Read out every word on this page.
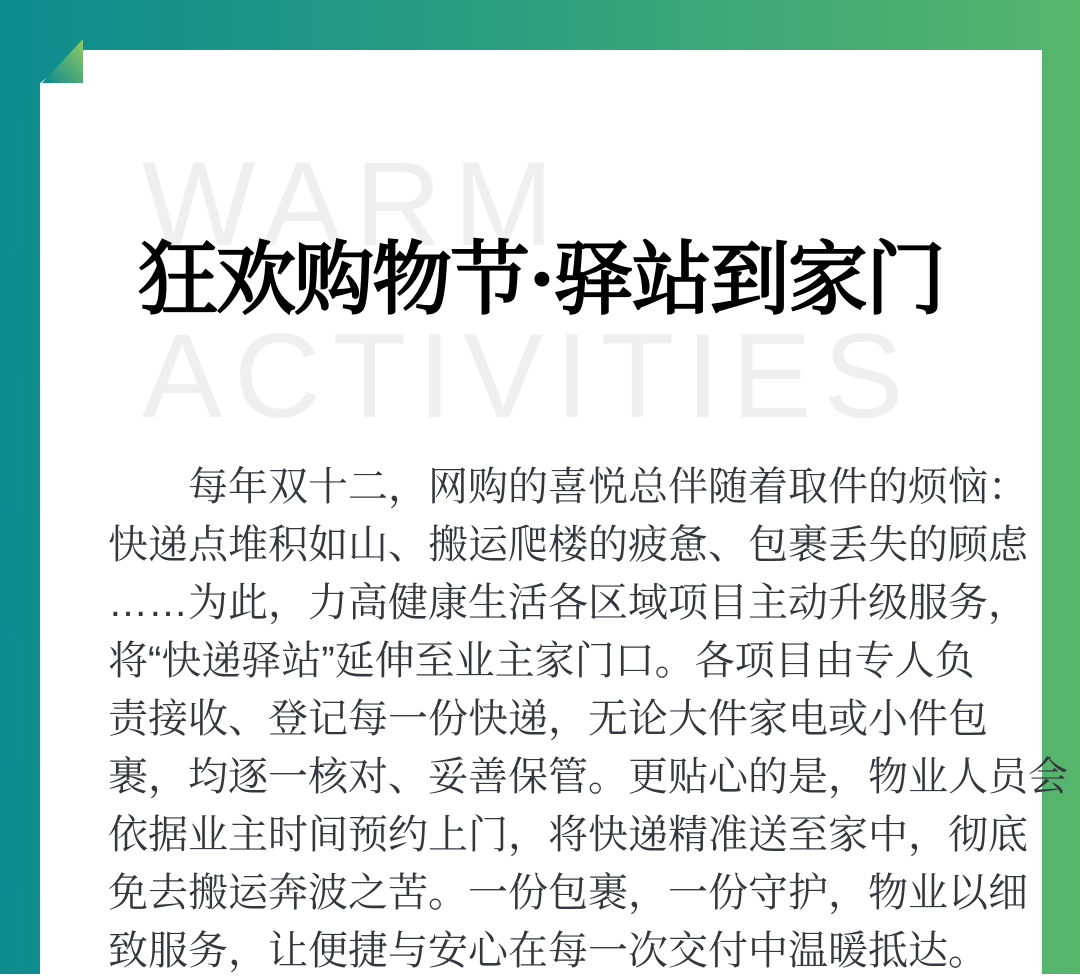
WARM
ACTIVITIES
狂欢购物节·驿站到家门
每年双十二，网购的喜悦总伴随着取件的烦恼：
快递点堆积如山、搬运爬楼的疲惫、包裹丢失的顾虑
……为此，力高健康生活各区域项目主动升级服务，
将“快递驿站”延伸至业主家门口。各项目由专人负
责接收、登记每一份快递，无论大件家电或小件包
裹，均逐一核对、妥善保管。更贴心的是，物业人员会
依据业主时间预约上门，将快递精准送至家中，彻底
免去搬运奔波之苦。一份包裹，一份守护，物业以细
致服务，让便捷与安心在每一次交付中温暖抵达。
